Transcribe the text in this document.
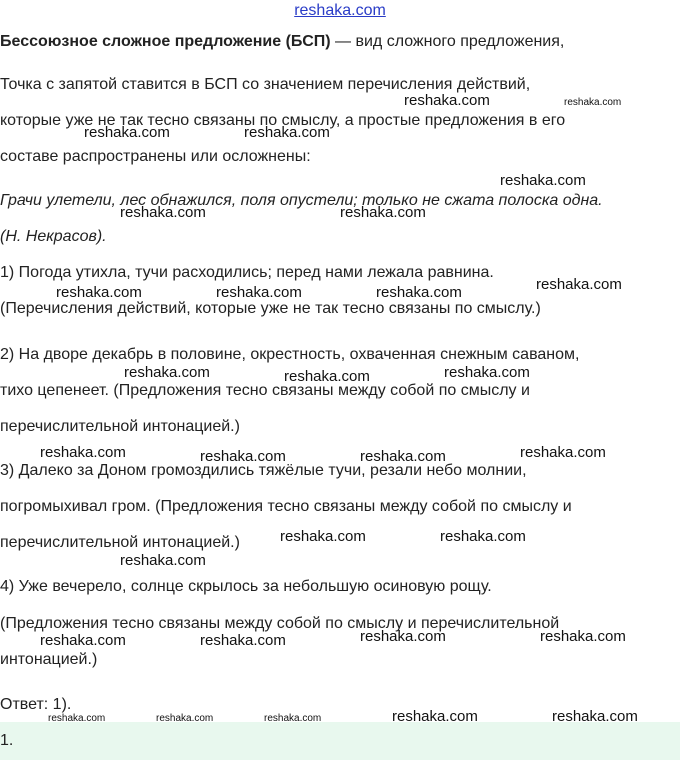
reshaka.com
Бессоюзное сложное предложение (БСП) — вид сложного предложения,
Точка с запятой ставится в БСП со значением перечисления действий,
которые уже не так тесно связаны по смыслу, а простые предложения в его
составе распространены или осложнены:
Грачи улетели, лес обнажился, поля опустели; только не сжата полоска одна.
(Н. Некрасов).
1) Погода утихла, тучи расходились; перед нами лежала равнина.
(Перечисления действий, которые уже не так тесно связаны по смыслу.)
2) На дворе декабрь в половине, окрестность, охваченная снежным саваном,
тихо цепенеет. (Предложения тесно связаны между собой по смыслу и
перечислительной интонацией.)
3) Далеко за Доном громоздились тяжёлые тучи, резали небо молнии,
погромыхивал гром. (Предложения тесно связаны между собой по смыслу и
перечислительной интонацией.)
4) Уже вечерело, солнце скрылось за небольшую осиновую рощу.
(Предложения тесно связаны между собой по смыслу и перечислительной
интонацией.)
Ответ: 1).
1.
reshaka.com	reshaka.com
reshaka.com	reshaka.com
reshaka.com
reshaka.com	reshaka.com
reshaka.com
reshaka.com	reshaka.com	reshaka.com
reshaka.com	reshaka.com	reshaka.com
reshaka.com	reshaka.com	reshaka.com	reshaka.com
reshaka.com	reshaka.com
reshaka.com
reshaka.com	reshaka.com
reshaka.com	reshaka.com
reshaka.com	reshaka.com	reshaka.com	reshaka.com	reshaka.com
